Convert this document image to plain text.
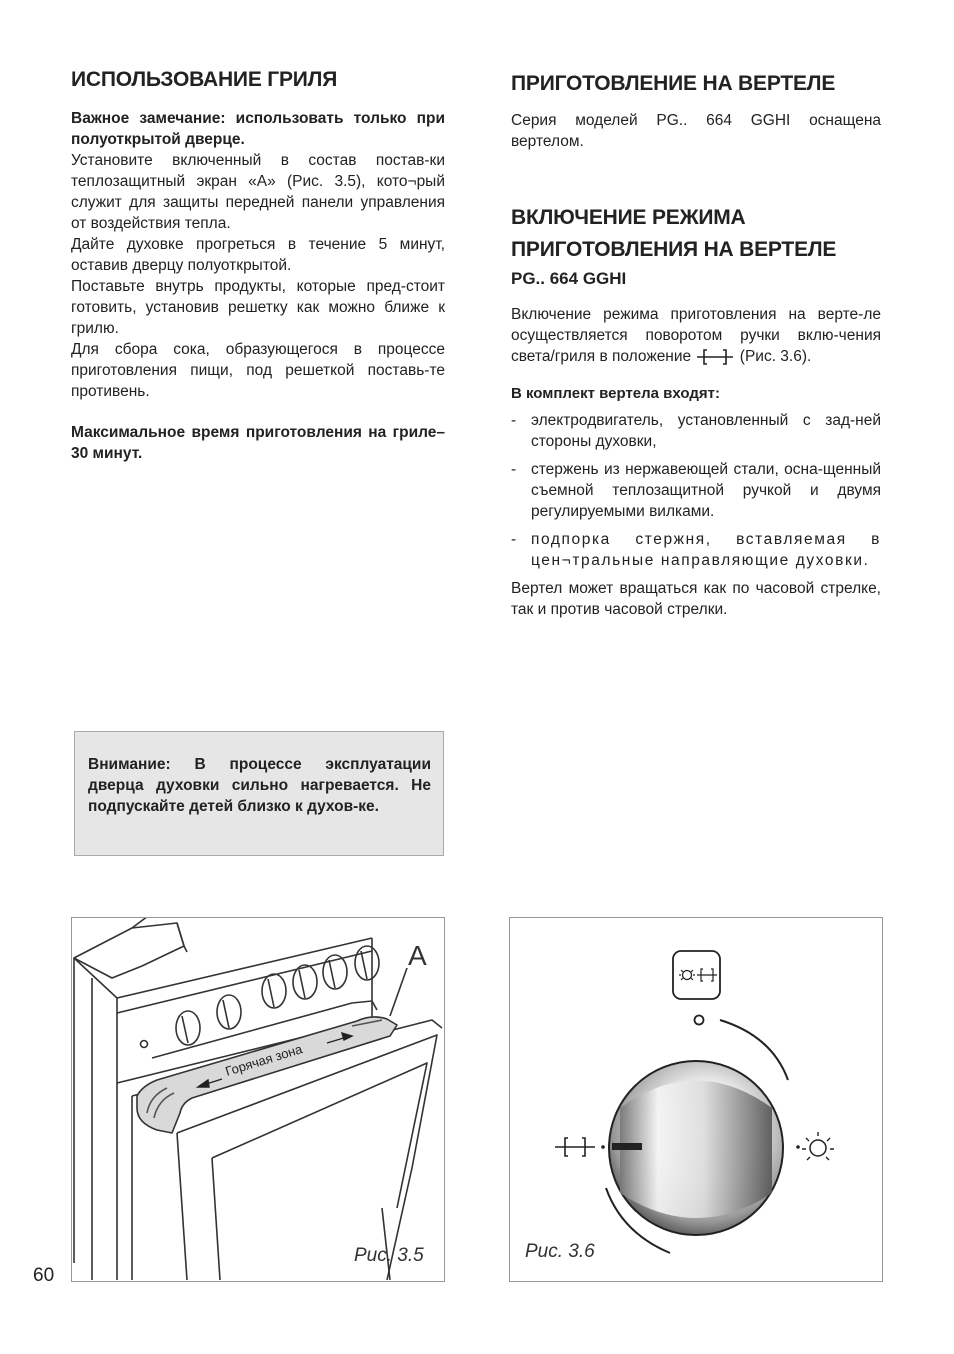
ИСПОЛЬЗОВАНИЕ ГРИЛЯ

Важное замечание: использовать только при полуоткрытой дверце.

Установите включенный в состав постав-ки теплозащитный экран «А» (Рис. 3.5), кото¬рый служит для защиты передней панели управления от воздействия тепла.

Дайте духовке прогреться в течение 5 минут, оставив дверцу полуоткрытой.

Поставьте внутрь продукты, которые пред-стоит готовить, установив решетку как можно ближе к грилю.

Для сбора сока, образующегося в процессе приготовления пищи, под решеткой поставь-те противень.

Максимальное время приготовления на гриле– 30 минут.

ПРИГОТОВЛЕНИЕ НА ВЕРТЕЛЕ

Серия моделей PG.. 664 GGHI оснащена вертелом.

ВКЛЮЧЕНИЕ РЕЖИМА
ПРИГОТОВЛЕНИЯ НА ВЕРТЕЛЕ
PG.. 664 GGHI

Включение режима приготовления на верте-ле осуществляется поворотом ручки вклю-чения света/гриля в положение	(Рис. 3.6).

В комплект вертела входят:

- электродвигатель, установленный с зад-ней стороны духовки,
- стержень из нержавеющей стали, осна-щенный съемной теплозащитной ручкой и двумя регулируемыми вилками.
- подпорка стержня, вставляемая в цен¬тральные направляющие духовки.

Вертел может вращаться как по часовой стрелке, так и против часовой стрелки.

Внимание: В процессе эксплуатации дверца духовки сильно нагревается. Не подпускайте детей близко к духов-ке.

Горячая зона
A
Рис. 3.5	Рис. 3.6
60
